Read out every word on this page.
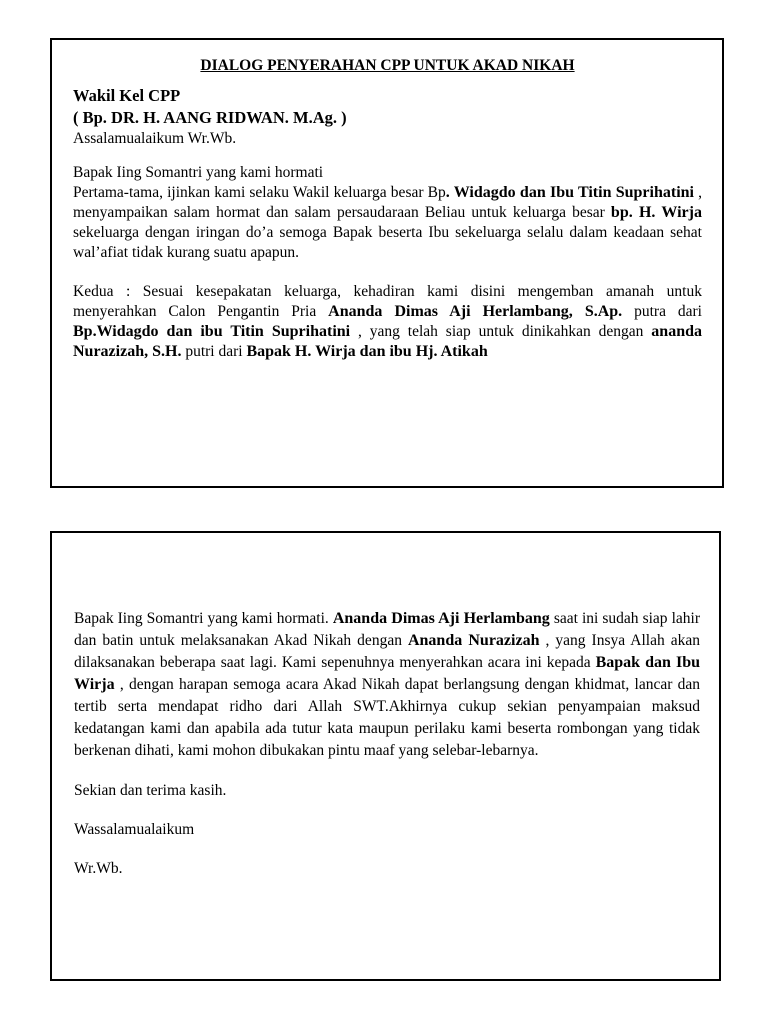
DIALOG PENYERAHAN CPP UNTUK AKAD NIKAH

Wakil Kel CPP

( Bp. DR. H. AANG RIDWAN. M.Ag. )

Assalamualaikum Wr.Wb.

Bapak Iing Somantri yang kami hormati

Pertama-tama, ijinkan kami selaku Wakil keluarga besar Bp. Widagdo dan Ibu Titin Suprihatini , menyampaikan salam hormat dan salam persaudaraan Beliau untuk keluarga besar bp. H. Wirja sekeluarga dengan iringan do’a semoga Bapak beserta Ibu sekeluarga selalu dalam keadaan sehat wal’afiat tidak kurang suatu apapun.

Kedua : Sesuai kesepakatan keluarga, kehadiran kami disini mengemban amanah untuk menyerahkan Calon Pengantin Pria Ananda Dimas Aji Herlambang, S.Ap. putra dari Bp.Widagdo dan ibu Titin Suprihatini , yang telah siap untuk dinikahkan dengan ananda Nurazizah, S.H. putri dari Bapak H. Wirja dan ibu Hj. Atikah

Bapak Iing Somantri yang kami hormati. Ananda Dimas Aji Herlambang saat ini sudah siap lahir dan batin untuk melaksanakan Akad Nikah dengan Ananda Nurazizah , yang Insya Allah akan dilaksanakan beberapa saat lagi. Kami sepenuhnya menyerahkan acara ini kepada Bapak dan Ibu Wirja , dengan harapan semoga acara Akad Nikah dapat berlangsung dengan khidmat, lancar dan tertib serta mendapat ridho dari Allah SWT.Akhirnya cukup sekian penyampaian maksud kedatangan kami dan apabila ada tutur kata maupun perilaku kami beserta rombongan yang tidak berkenan dihati, kami mohon dibukakan pintu maaf yang selebar-lebarnya.

Sekian dan terima kasih.

Wassalamualaikum

Wr.Wb.
